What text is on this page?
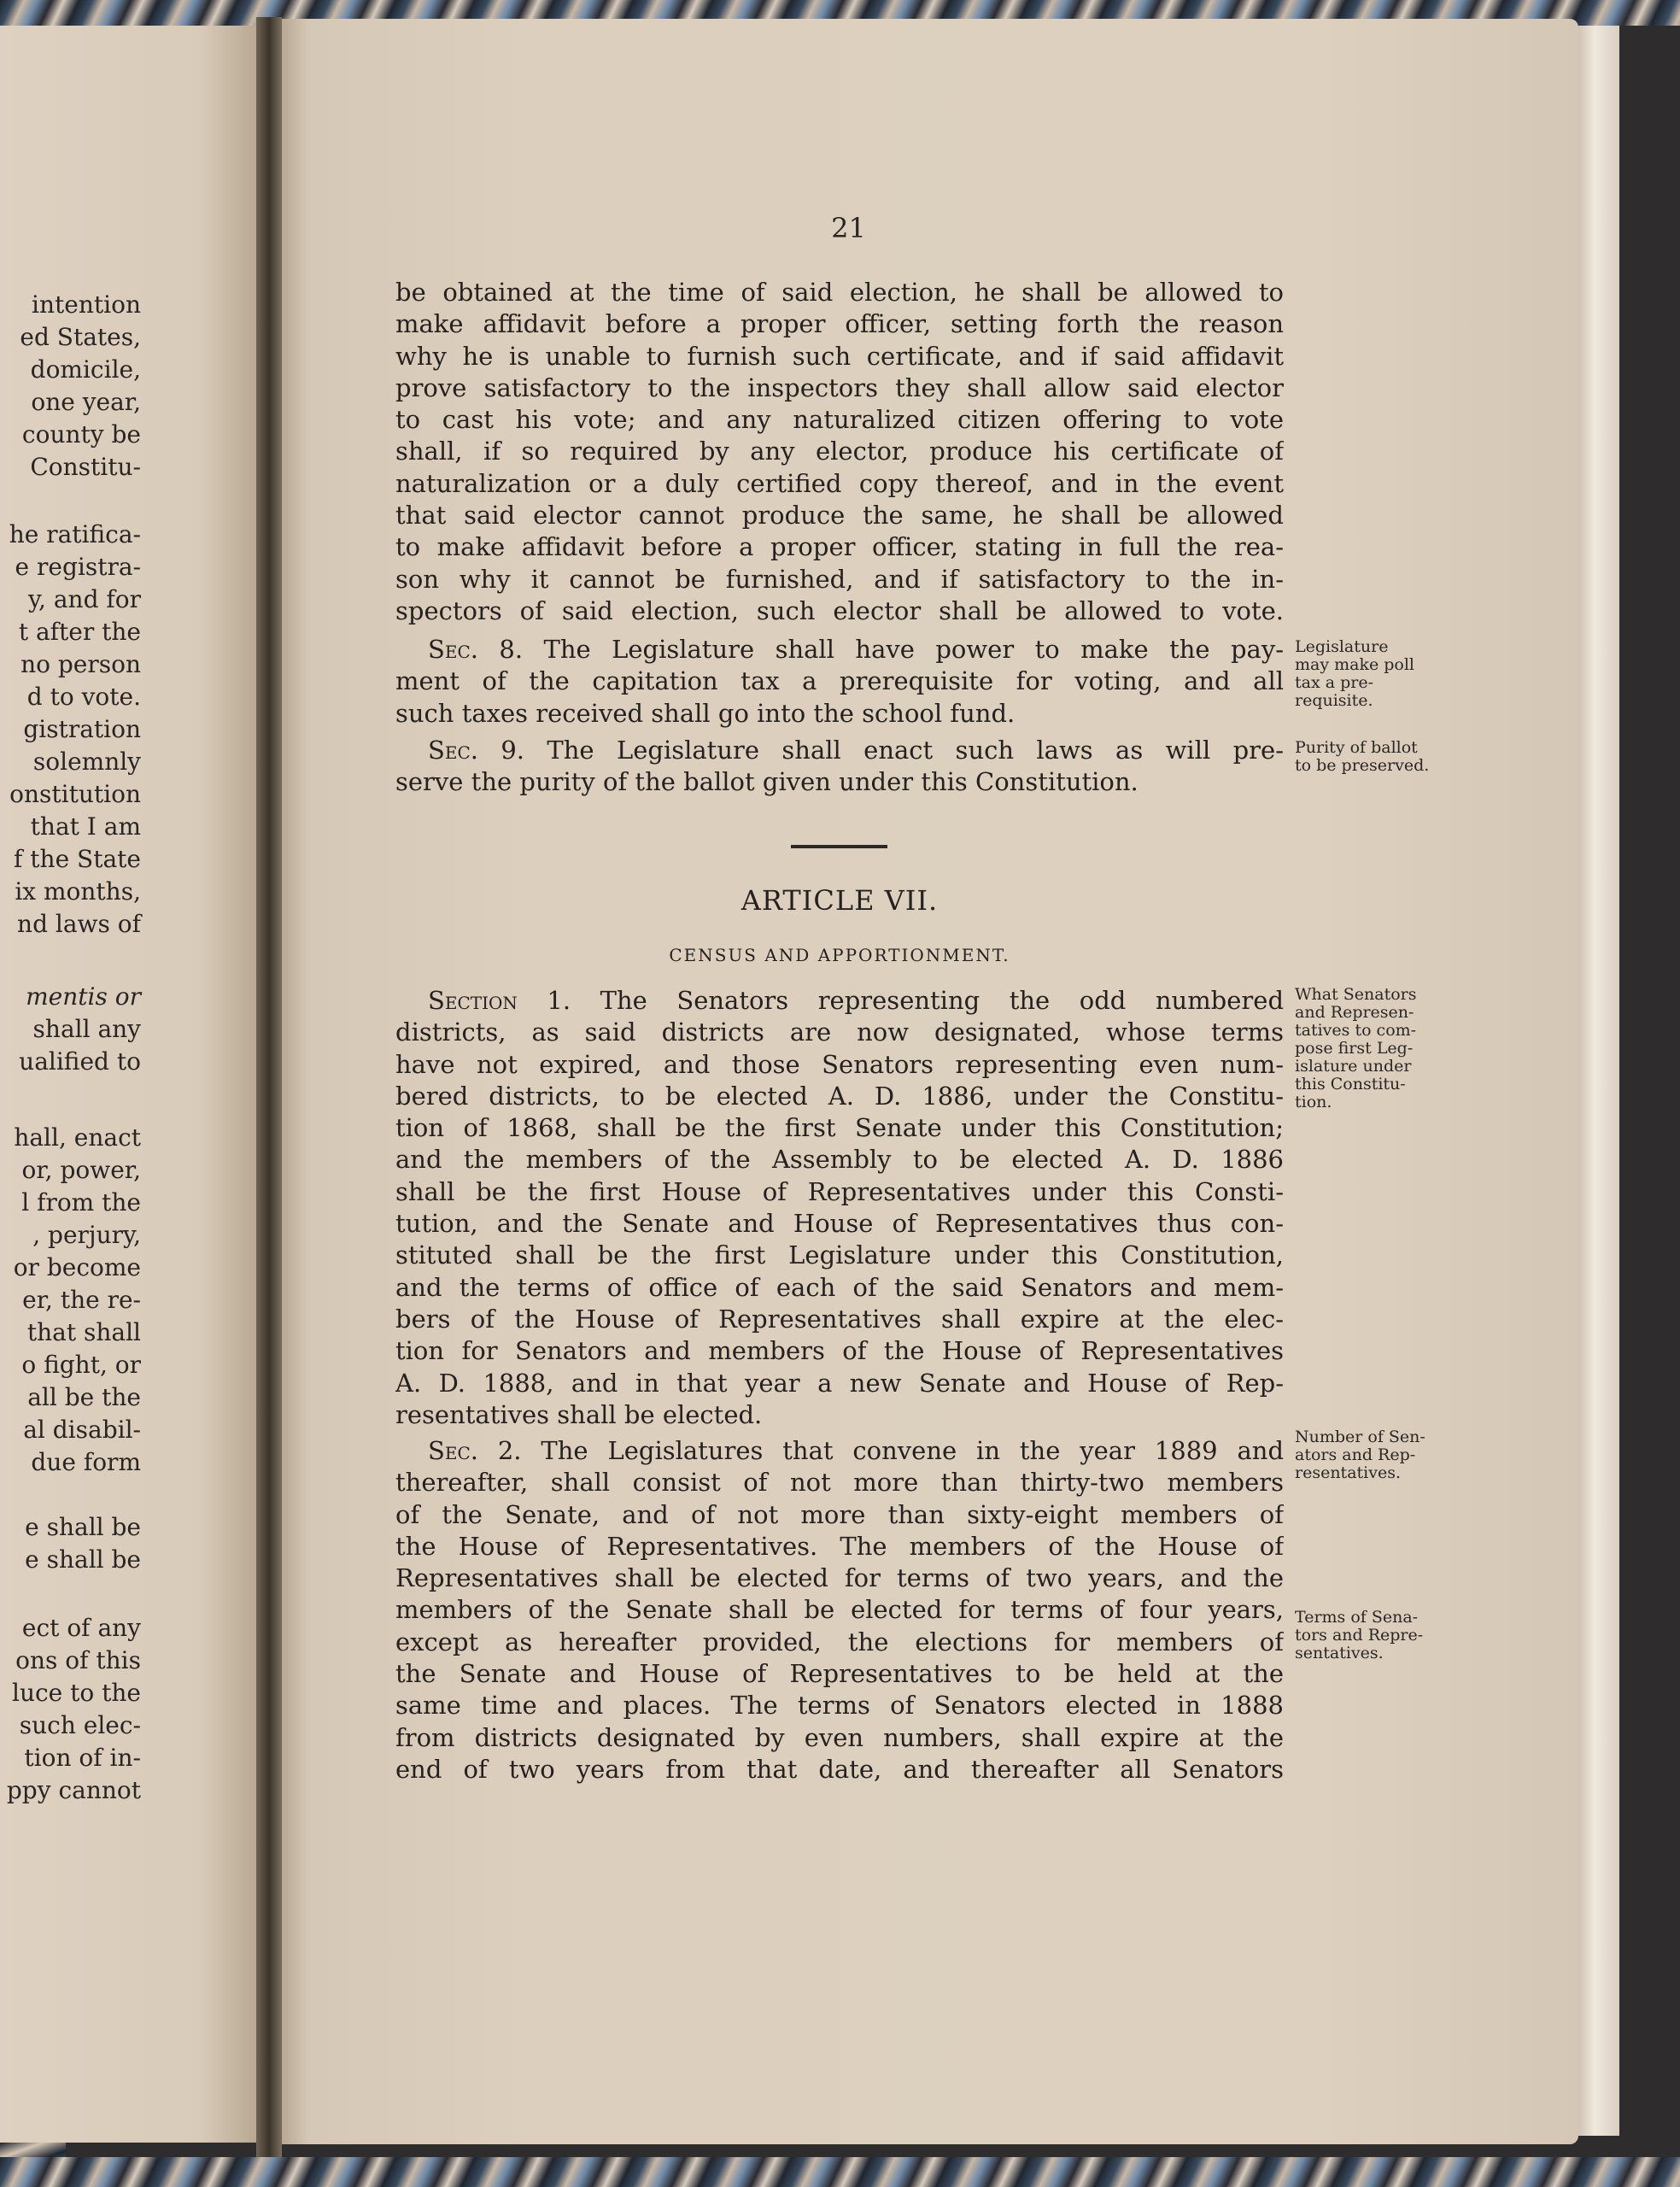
intention
ed States,
domicile,
one year,
county be
Constitu-
he ratifica-
e registra-
y, and for
t after the
no person
d to vote.
gistration
solemnly
onstitution
that I am
f the State
ix months,
nd laws of
mentis or
shall any
ualified to
hall, enact
or, power,
l from the
, perjury,
or become
er, the re-
that shall
o fight, or
all be the
al disabil-
due form
e shall be
e shall be
ect of any
ons of this
luce to the
such elec-
tion of in-
ppy cannot
21
be obtained at the time of said election, he shall be allowed to
make affidavit before a proper officer, setting forth the reason
why he is unable to furnish such certificate, and if said affidavit
prove satisfactory to the inspectors they shall allow said elector
to cast his vote; and any naturalized citizen offering to vote
shall, if so required by any elector, produce his certificate of
naturalization or a duly certified copy thereof, and in the event
that said elector cannot produce the same, he shall be allowed
to make affidavit before a proper officer, stating in full the rea-
son why it cannot be furnished, and if satisfactory to the in-
spectors of said election, such elector shall be allowed to vote.
Sec. 8. The Legislature shall have power to make the pay-
ment of the capitation tax a prerequisite for voting, and all
such taxes received shall go into the school fund.
Legislature
may make poll
tax a pre-
requisite.
Sec. 9. The Legislature shall enact such laws as will pre-
serve the purity of the ballot given under this Constitution.
Purity of ballot
to be preserved.
ARTICLE VII.
CENSUS AND APPORTIONMENT.
Section 1. The Senators representing the odd numbered
districts, as said districts are now designated, whose terms
have not expired, and those Senators representing even num-
bered districts, to be elected A. D. 1886, under the Constitu-
tion of 1868, shall be the first Senate under this Constitution;
and the members of the Assembly to be elected A. D. 1886
shall be the first House of Representatives under this Consti-
tution, and the Senate and House of Representatives thus con-
stituted shall be the first Legislature under this Constitution,
and the terms of office of each of the said Senators and mem-
bers of the House of Representatives shall expire at the elec-
tion for Senators and members of the House of Representatives
A. D. 1888, and in that year a new Senate and House of Rep-
resentatives shall be elected.
What Senators
and Represen-
tatives to com-
pose first Leg-
islature under
this Constitu-
tion.
Sec. 2. The Legislatures that convene in the year 1889 and
thereafter, shall consist of not more than thirty-two members
of the Senate, and of not more than sixty-eight members of
the House of Representatives. The members of the House of
Representatives shall be elected for terms of two years, and the
members of the Senate shall be elected for terms of four years,
except as hereafter provided, the elections for members of
the Senate and House of Representatives to be held at the
same time and places. The terms of Senators elected in 1888
from districts designated by even numbers, shall expire at the
end of two years from that date, and thereafter all Senators
Number of Sen-
ators and Rep-
resentatives.
Terms of Sena-
tors and Repre-
sentatives.
